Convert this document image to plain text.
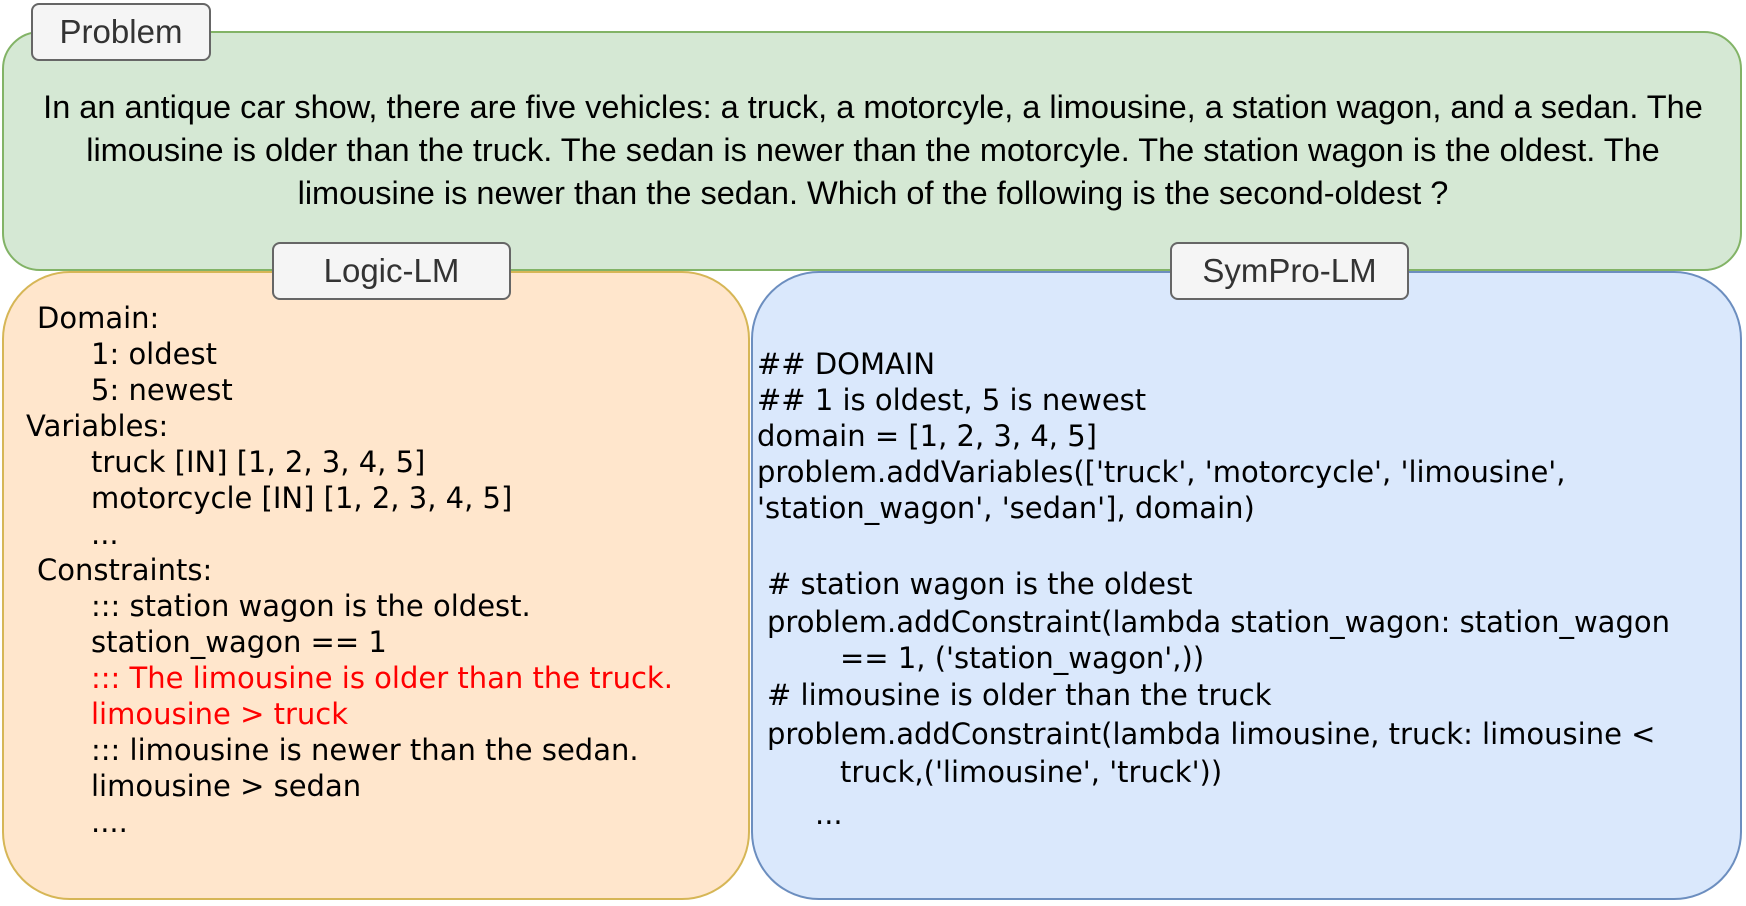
In an antique car show, there are five vehicles: a truck, a motorcyle, a limousine, a station wagon, and a sedan. The limousine is older than the truck. The sedan is newer than the motorcyle. The station wagon is the oldest. The limousine is newer than the sedan. Which of the following is the second-oldest ?
Problem
Domain:
1: oldest
5: newest
Variables:
truck [IN] [1, 2, 3, 4, 5]
motorcycle [IN] [1, 2, 3, 4, 5]
...
Constraints:
::: station wagon is the oldest.
station_wagon == 1
::: The limousine is older than the truck.
limousine > truck
::: limousine is newer than the sedan.
limousine > sedan
....
Logic-LM
## DOMAIN
## 1 is oldest, 5 is newest
domain = [1, 2, 3, 4, 5]
problem.addVariables(['truck', 'motorcycle', 'limousine',
'station_wagon', 'sedan'], domain)
# station wagon is the oldest
problem.addConstraint(lambda station_wagon: station_wagon
== 1, ('station_wagon',))
# limousine is older than the truck
problem.addConstraint(lambda limousine, truck: limousine <
truck,('limousine', 'truck'))
...
SymPro-LM
